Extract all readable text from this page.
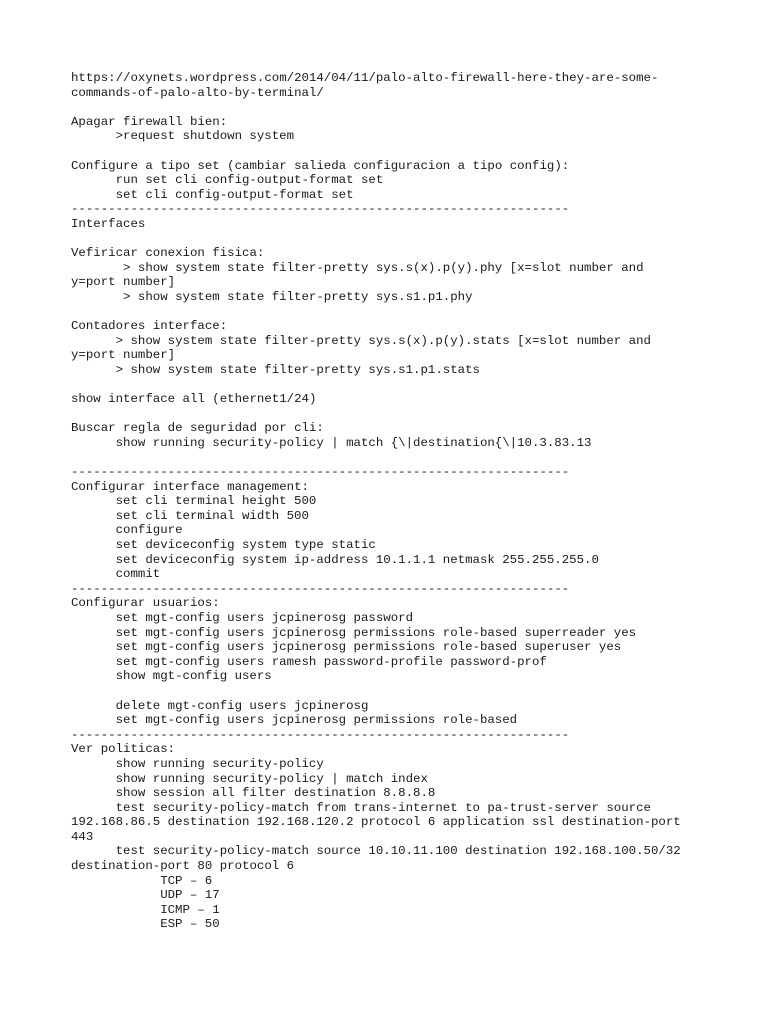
https://oxynets.wordpress.com/2014/04/11/palo-alto-firewall-here-they-are-some-
commands-of-palo-alto-by-terminal/
Apagar firewall bien:
>request shutdown system
Configure a tipo set (cambiar salieda configuracion a tipo config):
run set cli config-output-format set
set cli config-output-format set
-------------------------------------------------------------------
Interfaces
Vefiricar conexion fisica:
> show system state filter-pretty sys.s(x).p(y).phy [x=slot number and
y=port number]
> show system state filter-pretty sys.s1.p1.phy
Contadores interface:
> show system state filter-pretty sys.s(x).p(y).stats [x=slot number and
y=port number]
> show system state filter-pretty sys.s1.p1.stats
show interface all (ethernet1/24)
Buscar regla de seguridad por cli:
show running security-policy | match {\|destination{\|10.3.83.13
-------------------------------------------------------------------
Configurar interface management:
set cli terminal height 500
set cli terminal width 500
configure
set deviceconfig system type static
set deviceconfig system ip-address 10.1.1.1 netmask 255.255.255.0
commit
-------------------------------------------------------------------
Configurar usuarios:
set mgt-config users jcpinerosg password
set mgt-config users jcpinerosg permissions role-based superreader yes
set mgt-config users jcpinerosg permissions role-based superuser yes
set mgt-config users ramesh password-profile password-prof
show mgt-config users
delete mgt-config users jcpinerosg
set mgt-config users jcpinerosg permissions role-based
-------------------------------------------------------------------
Ver politicas:
show running security-policy
show running security-policy | match index
show session all filter destination 8.8.8.8
test security-policy-match from trans-internet to pa-trust-server source
192.168.86.5 destination 192.168.120.2 protocol 6 application ssl destination-port
443
test security-policy-match source 10.10.11.100 destination 192.168.100.50/32
destination-port 80 protocol 6
TCP – 6
UDP – 17
ICMP – 1
ESP – 50
